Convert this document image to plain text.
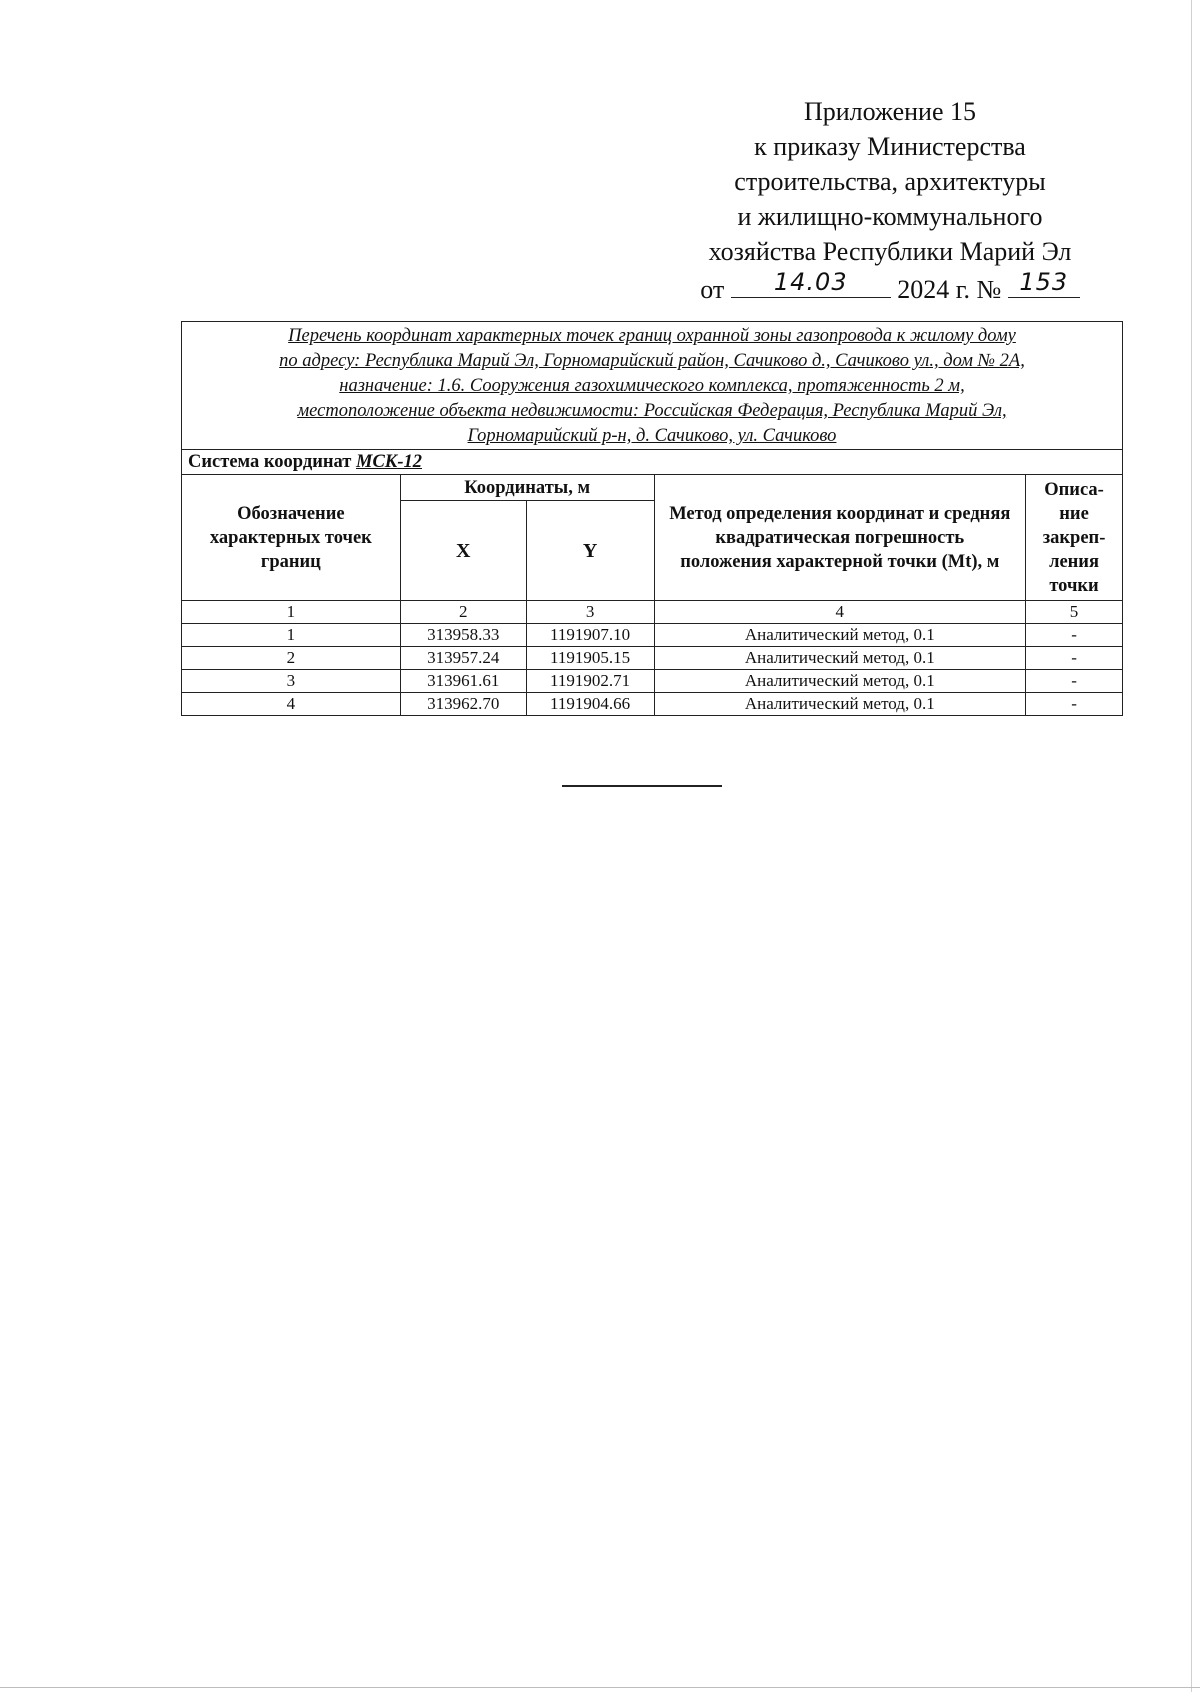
Приложение 15
к приказу Министерства
строительства, архитектуры
и жилищно-коммунального
хозяйства Республики Марий Эл
от	14.03	2024 г. № 153
Перечень координат характерных точек границ охранной зоны газопровода к жилому дому
по адресу: Республика Марий Эл, Горномарийский район, Сачиково д., Сачиково ул., дом № 2А,
назначение: 1.6. Сооружения газохимического комплекса, протяженность 2 м,
местоположение объекта недвижимости: Российская Федерация, Республика Марий Эл,
Горномарийский р-н, д. Сачиково, ул. Сачиково				

Система координат МСК-12				
Обозначение характерных точек границ	Координаты, м		Метод определения координат и средняя квадратическая погрешность положения характерной точки (Mt), м	Описа-
ние
закреп-
ления
точки

	X	Y		
1	2	3	4	5
1	313958.33	1191907.10	Аналитический метод, 0.1	-
2	313957.24	1191905.15	Аналитический метод, 0.1	-
3	313961.61	1191902.71	Аналитический метод, 0.1	-
4	313962.70	1191904.66	Аналитический метод, 0.1	-
